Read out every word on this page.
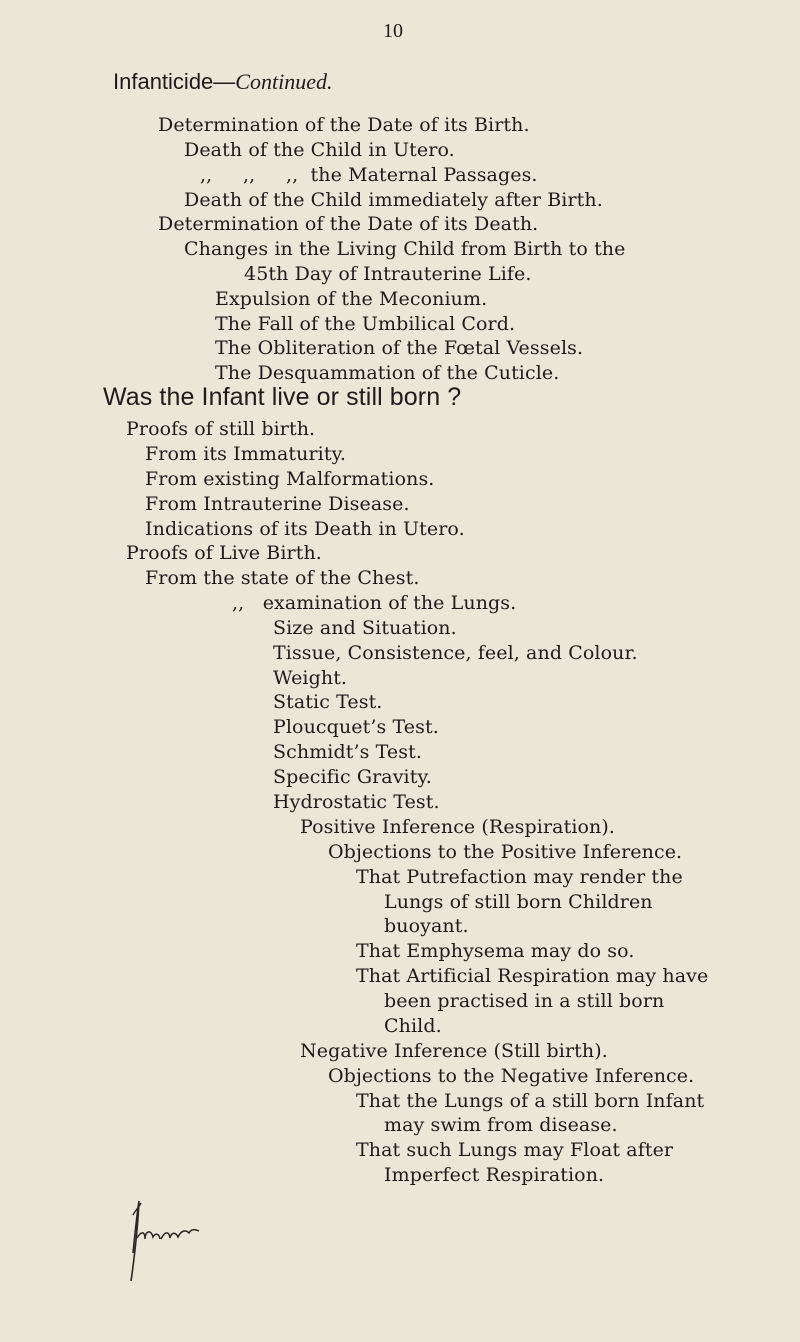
10
Infanticide—Continued.
Determination of the Date of its Birth.
Death of the Child in Utero.
,,     ,,     ,,  the Maternal Passages.
Death of the Child immediately after Birth.
Determination of the Date of its Death.
Changes in the Living Child from Birth to the
45th Day of Intrauterine Life.
Expulsion of the Meconium.
The Fall of the Umbilical Cord.
The Obliteration of the Fœtal Vessels.
The Desquammation of the Cuticle.
Was the Infant live or still born ?
Proofs of still birth.
From its Immaturity.
From existing Malformations.
From Intrauterine Disease.
Indications of its Death in Utero.
Proofs of Live Birth.
From the state of the Chest.
,,   examination of the Lungs.
Size and Situation.
Tissue, Consistence, feel, and Colour.
Weight.
Static Test.
Ploucquet’s Test.
Schmidt’s Test.
Specific Gravity.
Hydrostatic Test.
Positive Inference (Respiration).
Objections to the Positive Inference.
That Putrefaction may render the
Lungs of still born Children
buoyant.
That Emphysema may do so.
That Artificial Respiration may have
been practised in a still born
Child.
Negative Inference (Still birth).
Objections to the Negative Inference.
That the Lungs of a still born Infant
may swim from disease.
That such Lungs may Float after
Imperfect Respiration.
